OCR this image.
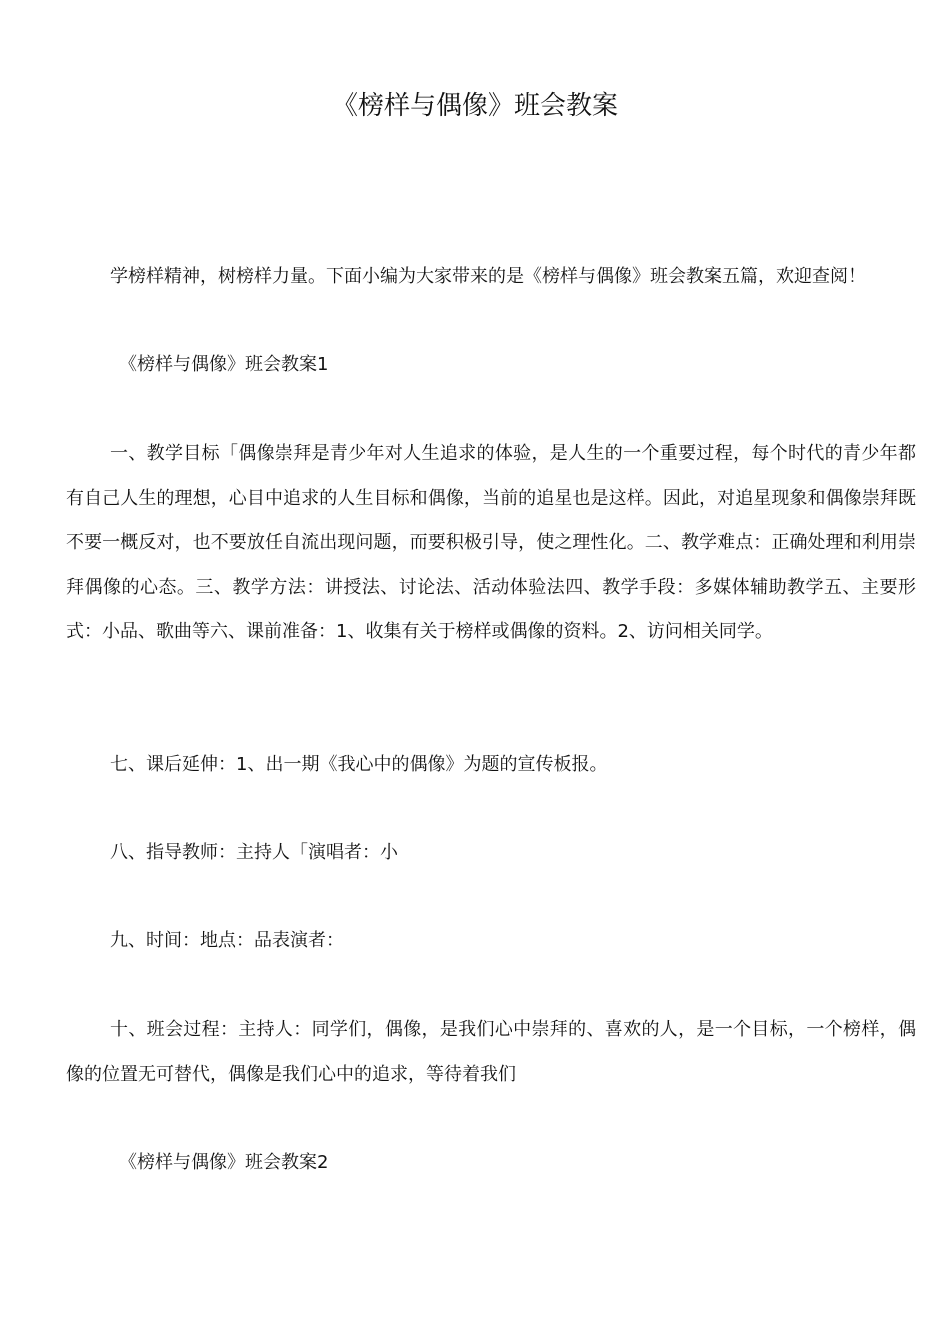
《榜样与偶像》班会教案

学榜样精神，树榜样力量。下面小编为大家带来的是《榜样与偶像》班会教案五篇，欢迎查阅！

《榜样与偶像》班会教案1

一、教学目标「偶像崇拜是青少年对人生追求的体验，是人生的一个重要过程，每个时代的青少年都有自己人生的理想，心目中追求的人生目标和偶像，当前的追星也是这样。因此，对追星现象和偶像崇拜既不要一概反对，也不要放任自流出现问题，而要积极引导，使之理性化。二、教学难点：正确处理和利用崇拜偶像的心态。三、教学方法：讲授法、讨论法、活动体验法四、教学手段：多媒体辅助教学五、主要形式：小品、歌曲等六、课前准备：1、收集有关于榜样或偶像的资料。2、访问相关同学。

七、课后延伸：1、出一期《我心中的偶像》为题的宣传板报。

八、指导教师：主持人「演唱者：小

九、时间：地点：品表演者：

十、班会过程：主持人：同学们，偶像，是我们心中崇拜的、喜欢的人，是一个目标，一个榜样，偶像的位置无可替代，偶像是我们心中的追求，等待着我们

《榜样与偶像》班会教案2
